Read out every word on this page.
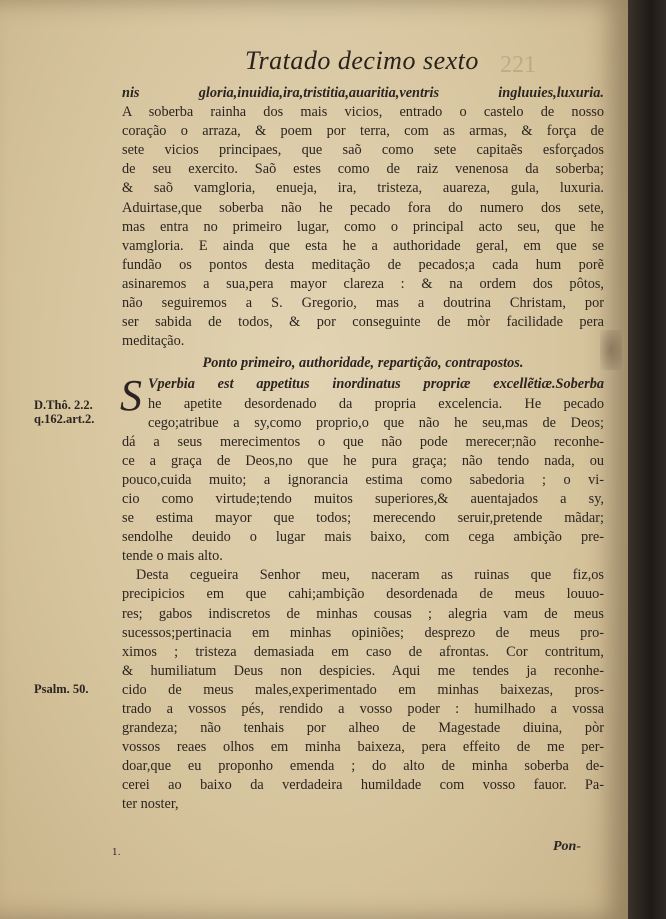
221
Tratado decimo sexto
D.Thô. 2.2.
q.162.art.2.
Psalm. 50.

nis gloria,inuidia,ira,tristitia,auaritia,ventris ingluuies,luxuria.
A soberba rainha dos mais vicios, entrado o castelo de nosso
coração o arraza, & poem por terra, com as armas, & força de
sete vicios principaes, que saõ como sete capitaẽs esforçados
de seu exercito. Saõ estes como de raiz venenosa da soberba;
& saõ vamgloria, enueja, ira, tristeza, auareza, gula, luxuria.
Aduirtase,que soberba não he pecado fora do numero dos sete,
mas entra no primeiro lugar, como o principal acto seu, que he
vamgloria. E ainda que esta he a authoridade geral, em que se
fundão os pontos desta meditação de pecados;a cada hum porẽ
asinaremos a sua,pera mayor clareza : & na ordem dos pôtos,
não seguiremos a S. Gregorio, mas a doutrina Christam, por
ser sabida de todos, & por conseguinte de mòr facilidade pera
meditação.

Ponto primeiro, authoridade, repartição, contrapostos.

S Vperbia est appetitus inordinatus propriæ excellẽtiæ.Soberba
he apetite desordenado da propria excelencia. He pecado
cego;atribue a sy,como proprio,o que não he seu,mas de Deos;
dá a seus merecimentos o que não pode merecer;não reconhe-
ce a graça de Deos,no que he pura graça; não tendo nada, ou
pouco,cuida muito; a ignorancia estima como sabedoria ; o vi-
cio como virtude;tendo muitos superiores,& auentajados a sy,
se estima mayor que todos; merecendo seruir,pretende mãdar;
sendolhe deuido o lugar mais baixo, com cega ambição pre-
tende o mais alto.

Desta cegueira Senhor meu, naceram as ruinas que fiz,os
precipicios em que cahi;ambição desordenada de meus louuo-
res; gabos indiscretos de minhas cousas ; alegria vam de meus
sucessos;pertinacia em minhas opiniões; desprezo de meus pro-
ximos ; tristeza demasiada em caso de afrontas. Cor contritum,
& humiliatum Deus non despicies. Aqui me tendes ja reconhe-
cido de meus males,experimentado em minhas baixezas, pros-
trado a vossos pés, rendido a vosso poder : humilhado a vossa
grandeza; não tenhais por alheo de Magestade diuina, pòr
vossos reaes olhos em minha baixeza, pera effeito de me per-
doar,que eu proponho emenda ; do alto de minha soberba de-
cerei ao baixo da verdadeira humildade com vosso fauor. Pa-
ter noster,

1.	Pon-
